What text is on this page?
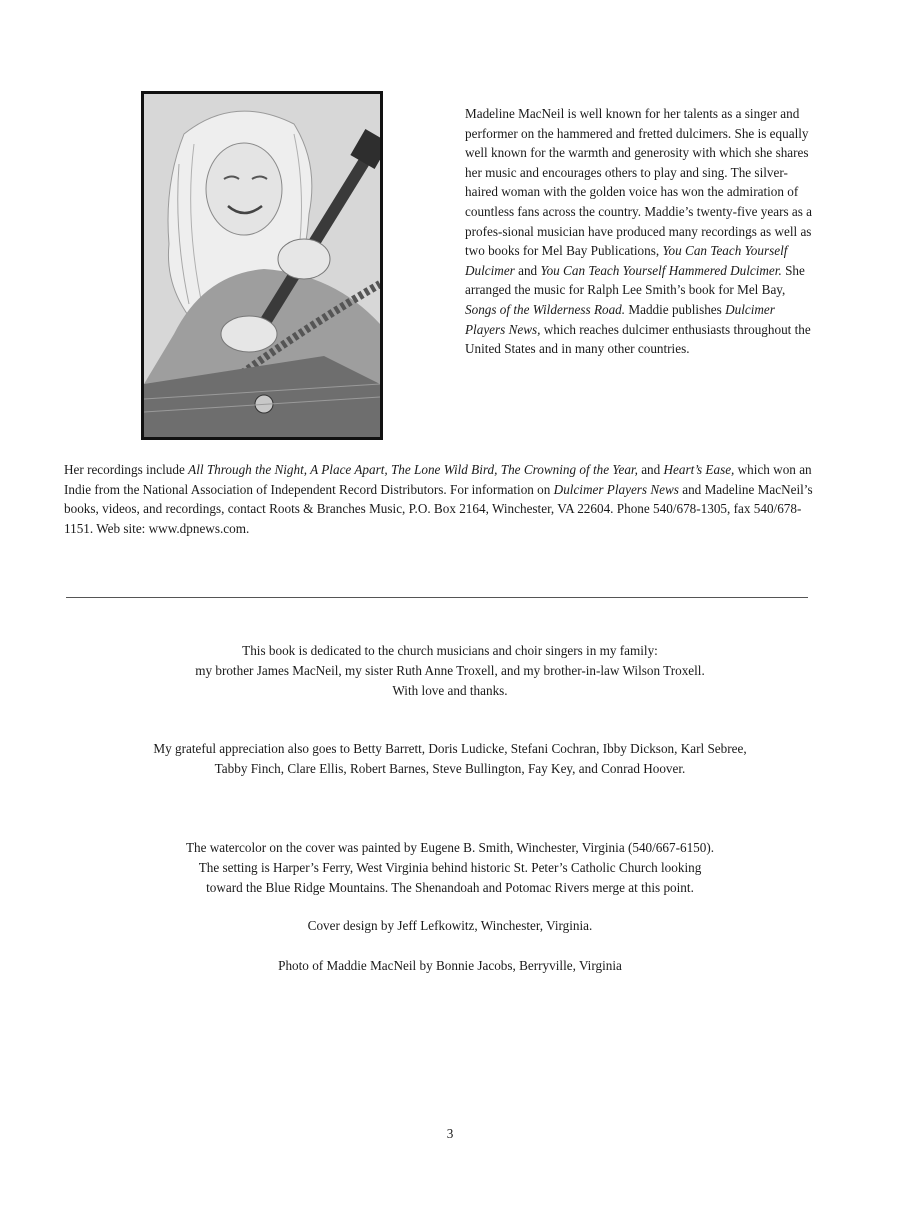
Madeline MacNeil is well known for her talents as a singer and performer on the hammered and fretted dulcimers. She is equally well known for the warmth and generosity with which she shares her music and encourages others to play and sing. The silver-haired woman with the golden voice has won the admiration of countless fans across the country. Maddie’s twenty-five years as a profes-sional musician have produced many recordings as well as two books for Mel Bay Publications, You Can Teach Yourself Dulcimer and You Can Teach Yourself Hammered Dulcimer. She arranged the music for Ralph Lee Smith’s book for Mel Bay, Songs of the Wilderness Road. Maddie publishes Dulcimer Players News, which reaches dulcimer enthusiasts throughout the United States and in many other countries.

Her recordings include All Through the Night, A Place Apart, The Lone Wild Bird, The Crowning of the Year, and Heart’s Ease, which won an Indie from the National Association of Independent Record Distributors. For information on Dulcimer Players News and Madeline MacNeil’s books, videos, and recordings, contact Roots & Branches Music, P.O. Box 2164, Winchester, VA 22604. Phone 540/678-1305, fax 540/678-1151. Web site: www.dpnews.com.

This book is dedicated to the church musicians and choir singers in my family:

my brother James MacNeil, my sister Ruth Anne Troxell, and my brother-in-law Wilson Troxell.

With love and thanks.

My grateful appreciation also goes to Betty Barrett, Doris Ludicke, Stefani Cochran, Ibby Dickson, Karl Sebree,

Tabby Finch, Clare Ellis, Robert Barnes, Steve Bullington, Fay Key, and Conrad Hoover.

The watercolor on the cover was painted by Eugene B. Smith, Winchester, Virginia (540/667-6150).

The setting is Harper’s Ferry, West Virginia behind historic St. Peter’s Catholic Church looking

toward the Blue Ridge Mountains. The Shenandoah and Potomac Rivers merge at this point.

Cover design by Jeff Lefkowitz, Winchester, Virginia.

Photo of Maddie MacNeil by Bonnie Jacobs, Berryville, Virginia

3
